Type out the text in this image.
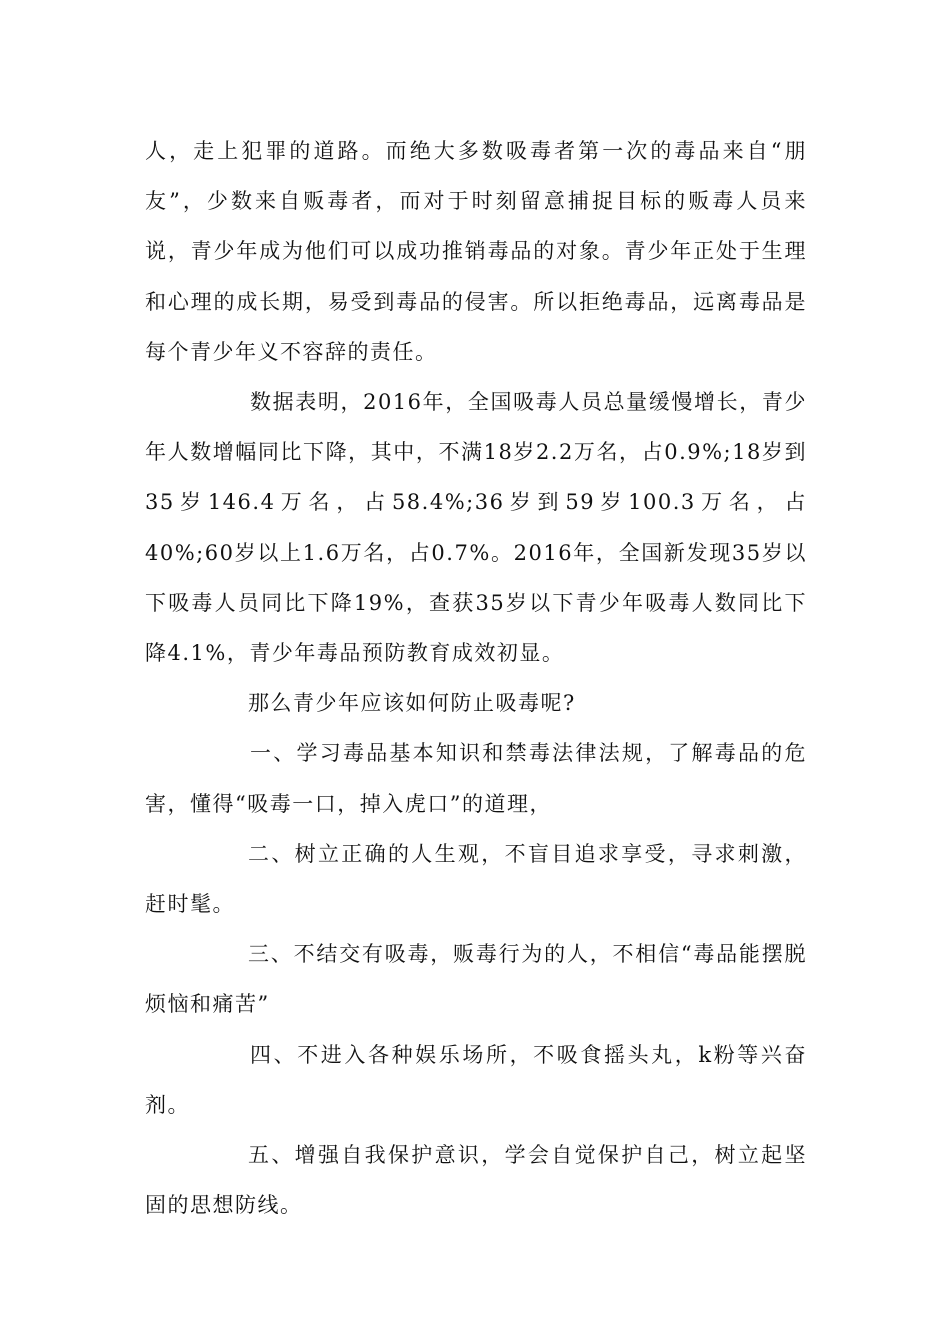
人，走上犯罪的道路。而绝大多数吸毒者第一次的毒品来自“朋友”，少数来自贩毒者，而对于时刻留意捕捉目标的贩毒人员来说，青少年成为他们可以成功推销毒品的对象。青少年正处于生理和心理的成长期，易受到毒品的侵害。所以拒绝毒品，远离毒品是每个青少年义不容辞的责任。

数据表明，2016年，全国吸毒人员总量缓慢增长，青少年人数增幅同比下降，其中，不满18岁2.2万名，占0.9%;18岁到35岁146.4万名，占58.4%;36岁到59岁100.3万名，占40%;60岁以上1.6万名，占0.7%。2016年，全国新发现35岁以下吸毒人员同比下降19%，查获35岁以下青少年吸毒人数同比下降4.1%，青少年毒品预防教育成效初显。

那么青少年应该如何防止吸毒呢?

一、学习毒品基本知识和禁毒法律法规，了解毒品的危害，懂得“吸毒一口，掉入虎口”的道理，

二、树立正确的人生观，不盲目追求享受，寻求刺激，赶时髦。

三、不结交有吸毒，贩毒行为的人，不相信“毒品能摆脱烦恼和痛苦”

四、不进入各种娱乐场所，不吸食摇头丸，k粉等兴奋剂。

五、增强自我保护意识，学会自觉保护自己，树立起坚固的思想防线。
